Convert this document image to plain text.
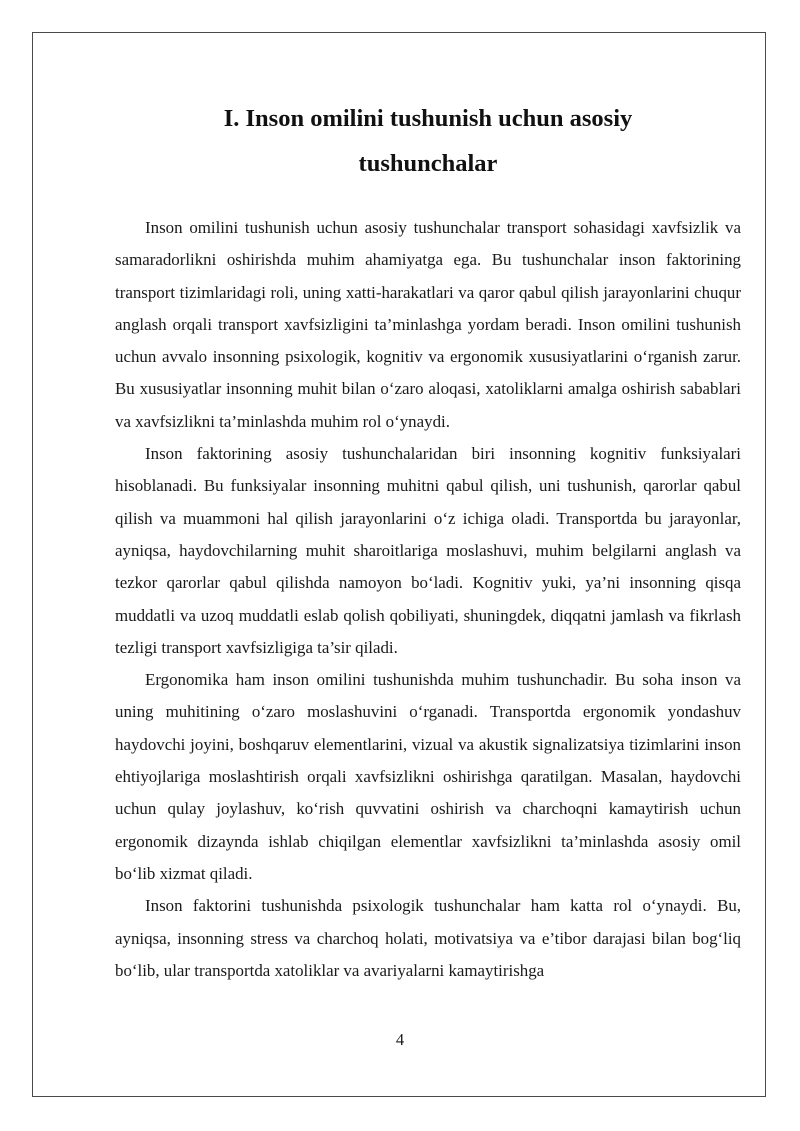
I. Inson omilini tushunish uchun asosiy
tushunchalar

Inson omilini tushunish uchun asosiy tushunchalar transport sohasidagi xavfsizlik va samaradorlikni oshirishda muhim ahamiyatga ega. Bu tushunchalar inson faktorining transport tizimlaridagi roli, uning xatti-harakatlari va qaror qabul qilish jarayonlarini chuqur anglash orqali transport xavfsizligini ta’minlashga yordam beradi. Inson omilini tushunish uchun avvalo insonning psixologik, kognitiv va ergonomik xususiyatlarini o‘rganish zarur. Bu xususiyatlar insonning muhit bilan o‘zaro aloqasi, xatoliklarni amalga oshirish sabablari va xavfsizlikni ta’minlashda muhim rol o‘ynaydi.

Inson faktorining asosiy tushunchalaridan biri insonning kognitiv funksiyalari hisoblanadi. Bu funksiyalar insonning muhitni qabul qilish, uni tushunish, qarorlar qabul qilish va muammoni hal qilish jarayonlarini o‘z ichiga oladi. Transportda bu jarayonlar, ayniqsa, haydovchilarning muhit sharoitlariga moslashuvi, muhim belgilarni anglash va tezkor qarorlar qabul qilishda namoyon bo‘ladi. Kognitiv yuki, ya’ni insonning qisqa muddatli va uzoq muddatli eslab qolish qobiliyati, shuningdek, diqqatni jamlash va fikrlash tezligi transport xavfsizligiga ta’sir qiladi.

Ergonomika ham inson omilini tushunishda muhim tushunchadir. Bu soha inson va uning muhitining o‘zaro moslashuvini o‘rganadi. Transportda ergonomik yondashuv haydovchi joyini, boshqaruv elementlarini, vizual va akustik signalizatsiya tizimlarini inson ehtiyojlariga moslashtirish orqali xavfsizlikni oshirishga qaratilgan. Masalan, haydovchi uchun qulay joylashuv, ko‘rish quvvatini oshirish va charchoqni kamaytirish uchun ergonomik dizaynda ishlab chiqilgan elementlar xavfsizlikni ta’minlashda asosiy omil bo‘lib xizmat qiladi.

Inson faktorini tushunishda psixologik tushunchalar ham katta rol o‘ynaydi. Bu, ayniqsa, insonning stress va charchoq holati, motivatsiya va e’tibor darajasi bilan bog‘liq bo‘lib, ular transportda xatoliklar va avariyalarni kamaytirishga

4
